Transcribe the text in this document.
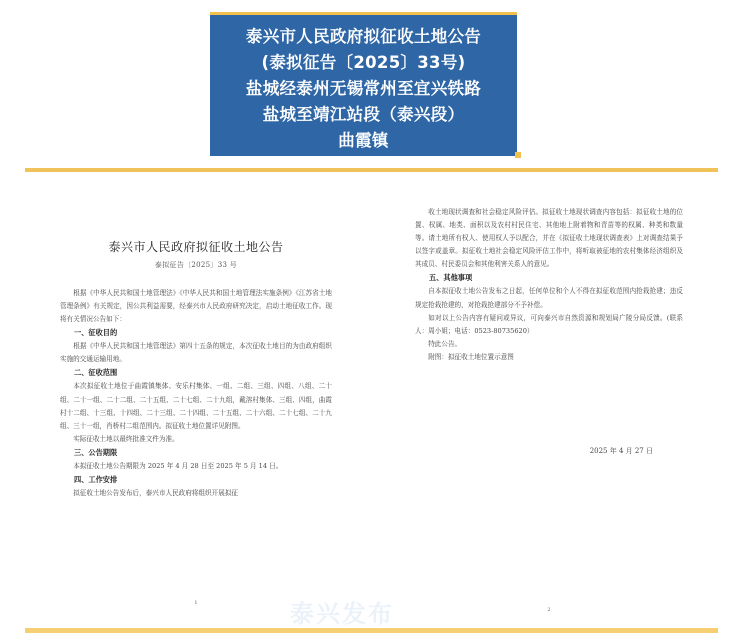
泰兴市人民政府拟征收土地公告
(泰拟征告〔2025〕33号)
盐城经泰州无锡常州至宜兴铁路
盐城至靖江站段（泰兴段）
曲霞镇
泰兴市人民政府拟征收土地公告
泰拟征告〔2025〕33 号

根据《中华人民共和国土地管理法》《中华人民共和国土地管理法实施条例》《江苏省土地管理条例》有关规定，因公共利益需要，经泰兴市人民政府研究决定，启动土地征收工作。现将有关情况公告如下：

一、征收目的

根据《中华人民共和国土地管理法》第四十五条的规定，本次征收土地目的为由政府组织实施的交通运输用地。

二、征收范围

本次拟征收土地位于曲霞镇集体、安乐村集体、一组、二组、三组、四组、八组、二十组、二十一组、二十二组、二十五组、二十七组、二十九组，戴溶村集体、三组、四组，曲霞村十二组、十三组、十四组、二十三组、二十四组、二十五组、二十六组、二十七组、二十九组、三十一组，肖桥村二组范围内。拟征收土地位置详见附图。

实际征收土地以最终批准文件为准。

三、公告期限

本拟征收土地公告期限为 2025 年 4 月 28 日至 2025 年 5 月 14 日。

四、工作安排

拟征收土地公告发布后，泰兴市人民政府将组织开展拟征

1

收土地现状调查和社会稳定风险评估。拟征收土地现状调查内容包括：拟征收土地的位置、权属、地类、面积以及农村村民住宅、其他地上附着物和青苗等的权属、种类和数量等。请土地所有权人、使用权人予以配合，并在《拟征收土地现状调查表》上对调查结果予以签字或盖章。拟征收土地社会稳定风险评估工作中，将听取被征地的农村集体经济组织及其成员、村民委员会和其他利害关系人的意见。

五、其他事项

自本拟征收土地公告发布之日起，任何单位和个人不得在拟征收范围内抢栽抢建；违反规定抢栽抢建的，对抢栽抢建部分不予补偿。

如对以上公告内容有疑问或异议，可向泰兴市自然资源和规划局广陵分局反馈。(联系人：周小姐；电话：0523-80735620）

特此公告。

附图：拟征收土地位置示意图

2025 年 4 月 27 日
2
泰兴发布
